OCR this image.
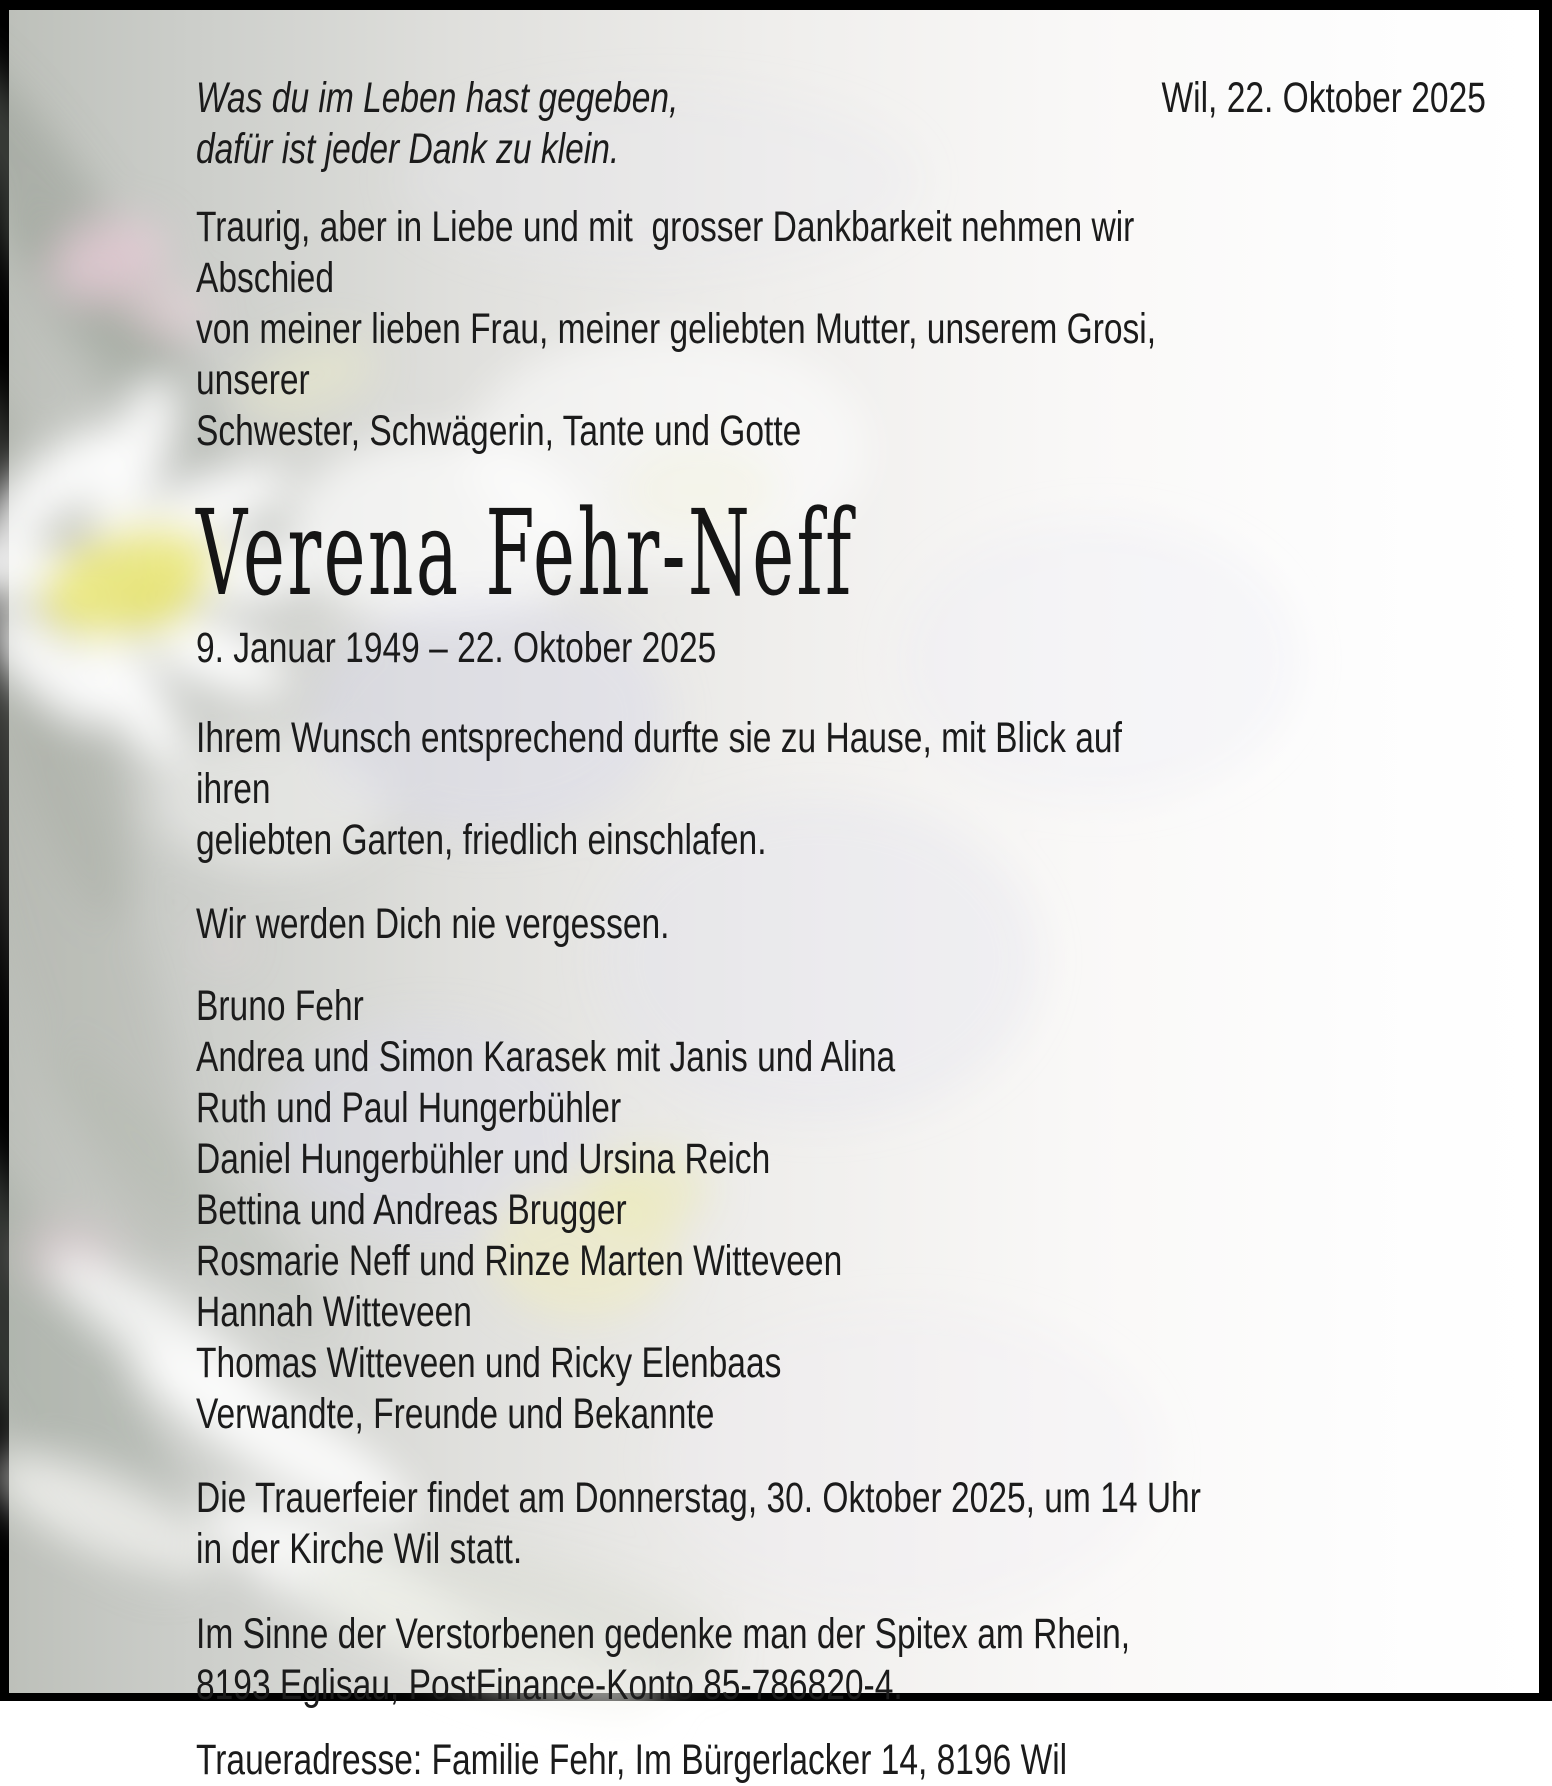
Was du im Leben hast gegeben,
dafür ist jeder Dank zu klein.
Wil, 22. Oktober 2025
Traurig, aber in Liebe und mit  grosser Dankbarkeit nehmen wir Abschied
von meiner lieben Frau, meiner geliebten Mutter, unserem Grosi, unserer
Schwester, Schwägerin, Tante und Gotte
Verena Fehr-Neff
9. Januar 1949 – 22. Oktober 2025
Ihrem Wunsch entsprechend durfte sie zu Hause, mit Blick auf ihren
geliebten Garten, friedlich einschlafen.
Wir werden Dich nie vergessen.
Bruno Fehr
Andrea und Simon Karasek mit Janis und Alina
Ruth und Paul Hungerbühler
Daniel Hungerbühler und Ursina Reich
Bettina und Andreas Brugger
Rosmarie Neff und Rinze Marten Witteveen
Hannah Witteveen
Thomas Witteveen und Ricky Elenbaas
Verwandte, Freunde und Bekannte
Die Trauerfeier findet am Donnerstag, 30. Oktober 2025, um 14 Uhr
in der Kirche Wil statt.
Im Sinne der Verstorbenen gedenke man der Spitex am Rhein,
8193 Eglisau, PostFinance-Konto 85-786820-4.
Traueradresse: Familie Fehr, Im Bürgerlacker 14, 8196 Wil
